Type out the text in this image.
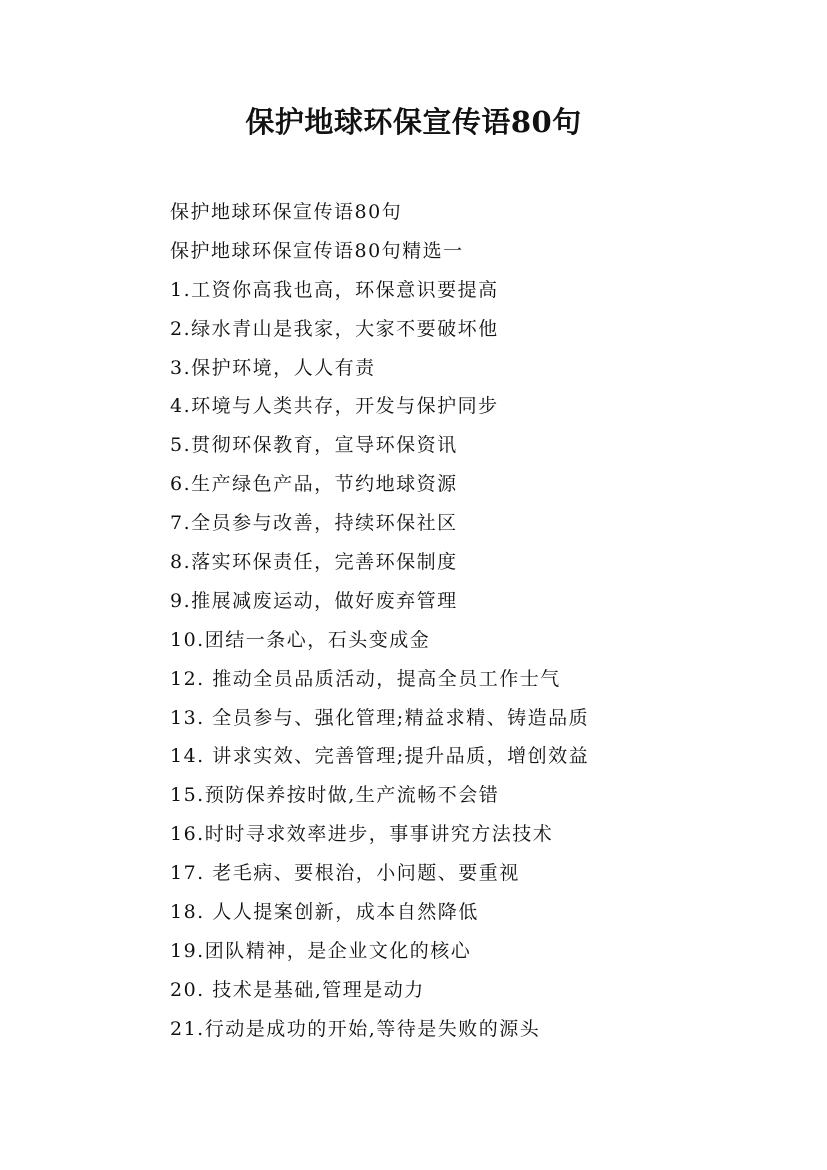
保护地球环保宣传语80句
保护地球环保宣传语80句
保护地球环保宣传语80句精选一
1.工资你高我也高，环保意识要提高
2.绿水青山是我家，大家不要破坏他
3.保护环境，人人有责
4.环境与人类共存，开发与保护同步
5.贯彻环保教育，宣导环保资讯
6.生产绿色产品，节约地球资源
7.全员参与改善，持续环保社区
8.落实环保责任，完善环保制度
9.推展减废运动，做好废弃管理
10.团结一条心，石头变成金
12. 推动全员品质活动，提高全员工作士气
13. 全员参与、强化管理;精益求精、铸造品质
14. 讲求实效、完善管理;提升品质，增创效益
15.预防保养按时做,生产流畅不会错
16.时时寻求效率进步，事事讲究方法技术
17. 老毛病、要根治，小问题、要重视
18. 人人提案创新，成本自然降低
19.团队精神，是企业文化的核心
20. 技术是基础,管理是动力
21.行动是成功的开始,等待是失败的源头
